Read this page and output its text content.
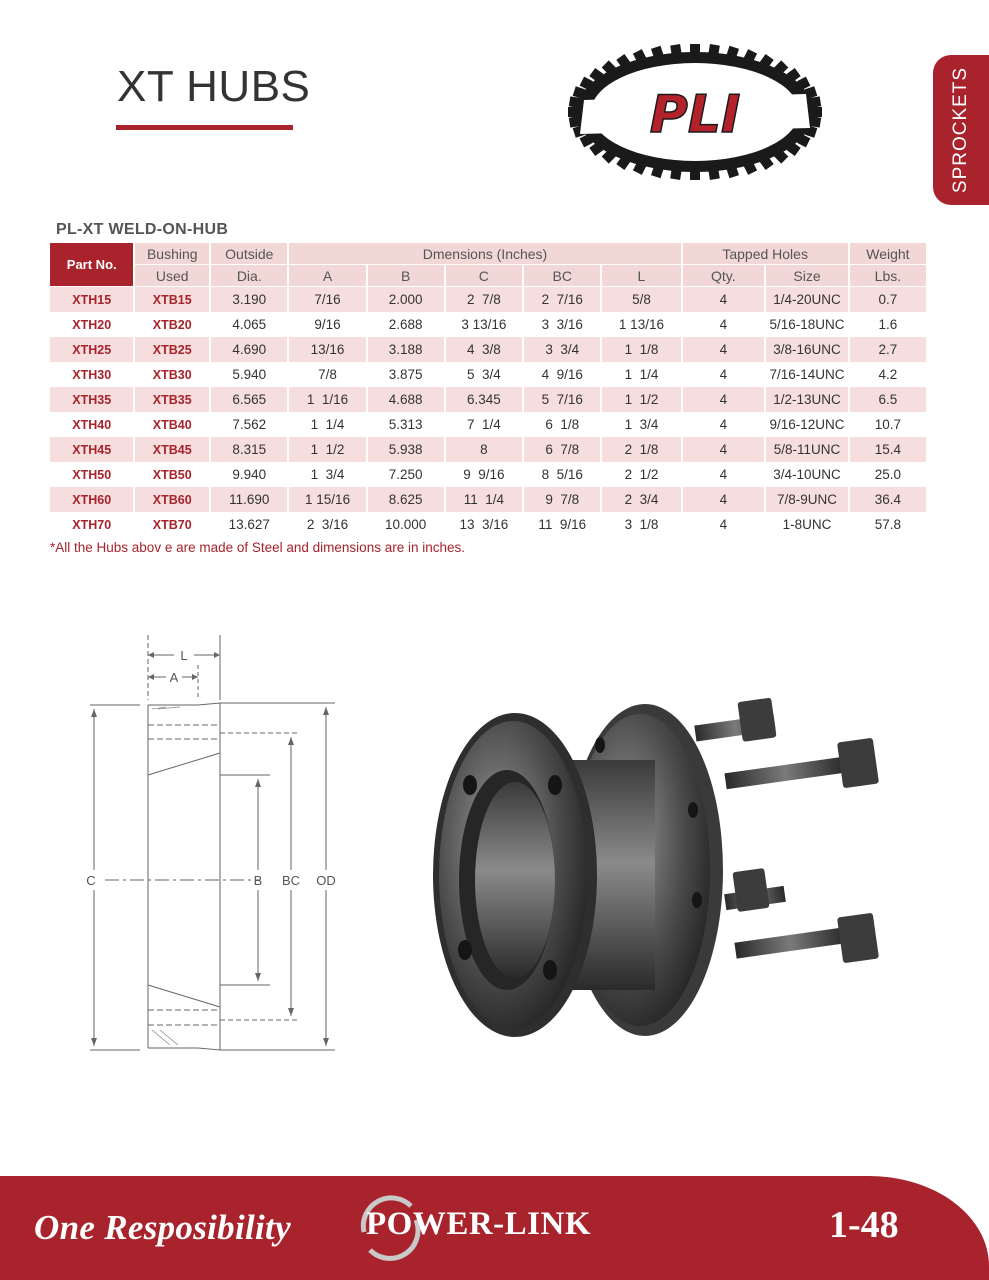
XT HUBS	PLI	SPROCKETS
PL-XT WELD-ON-HUB
Part No.	Bushing	Outside	Dmensions (Inches)					Tapped Holes		Weight
	Used	Dia.	A	B	C	BC	L	Qty.	Size	Lbs.
XTH15	XTB15	3.190	7/16	2.000	2  7/8	2  7/16	5/8	4	1/4-20UNC	0.7
XTH20	XTB20	4.065	9/16	2.688	3 13/16	3  3/16	1 13/16	4	5/16-18UNC	1.6
XTH25	XTB25	4.690	13/16	3.188	4  3/8	3  3/4	1  1/8	4	3/8-16UNC	2.7
XTH30	XTB30	5.940	7/8	3.875	5  3/4	4  9/16	1  1/4	4	7/16-14UNC	4.2
XTH35	XTB35	6.565	1  1/16	4.688	6.345	5  7/16	1  1/2	4	1/2-13UNC	6.5
XTH40	XTB40	7.562	1  1/4	5.313	7  1/4	6  1/8	1  3/4	4	9/16-12UNC	10.7
XTH45	XTB45	8.315	1  1/2	5.938	8	6  7/8	2  1/8	4	5/8-11UNC	15.4
XTH50	XTB50	9.940	1  3/4	7.250	9  9/16	8  5/16	2  1/2	4	3/4-10UNC	25.0
XTH60	XTB60	11.690	1 15/16	8.625	11  1/4	9  7/8	2  3/4	4	7/8-9UNC	36.4
XTH70	XTB70	13.627	2  3/16	10.000	13  3/16	11  9/16	3  1/8	4	1-8UNC	57.8
*All the Hubs abov e are made of Steel and dimensions are in inches.
L
A
C	B BC OD
One Resposibility POWER-LINK	1-48
